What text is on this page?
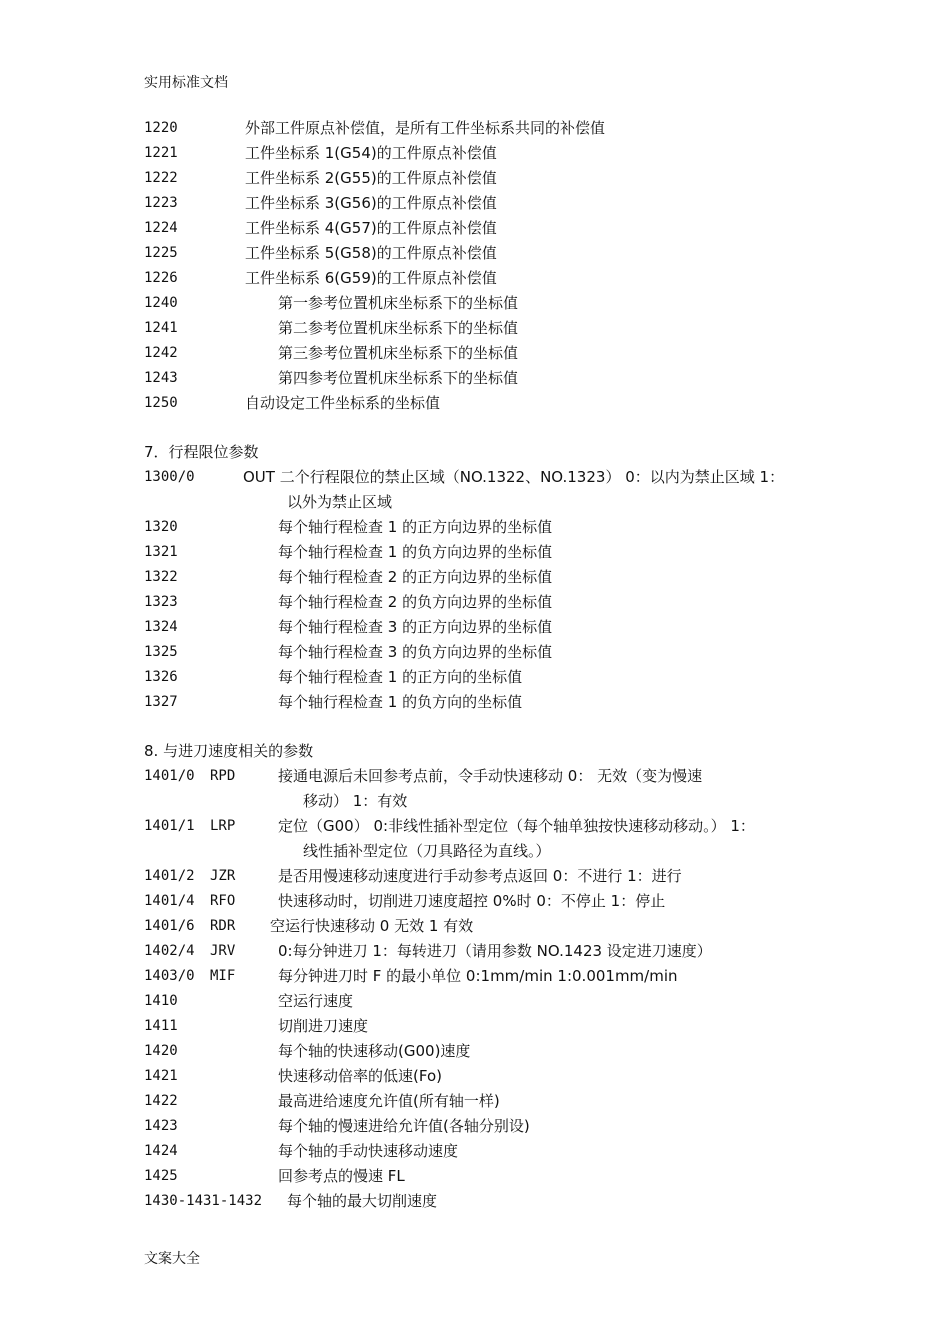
实用标准文档
1220	外部工件原点补偿值，是所有工件坐标系共同的补偿值
1221	工件坐标系 1(G54)的工件原点补偿值
1222	工件坐标系 2(G55)的工件原点补偿值
1223	工件坐标系 3(G56)的工件原点补偿值
1224	工件坐标系 4(G57)的工件原点补偿值
1225	工件坐标系 5(G58)的工件原点补偿值
1226	工件坐标系 6(G59)的工件原点补偿值
1240	第一参考位置机床坐标系下的坐标值
1241	第二参考位置机床坐标系下的坐标值
1242	第三参考位置机床坐标系下的坐标值
1243	第四参考位置机床坐标系下的坐标值
1250	自动设定工件坐标系的坐标值
7．行程限位参数
1300/0	OUT 二个行程限位的禁止区域（NO.1322、NO.1323） 0：以内为禁止区域 1：
以外为禁止区域
1320	每个轴行程检查 1 的正方向边界的坐标值
1321	每个轴行程检查 1 的负方向边界的坐标值
1322	每个轴行程检查 2 的正方向边界的坐标值
1323	每个轴行程检查 2 的负方向边界的坐标值
1324	每个轴行程检查 3 的正方向边界的坐标值
1325	每个轴行程检查 3 的负方向边界的坐标值
1326	每个轴行程检查 1 的正方向的坐标值
1327	每个轴行程检查 1 的负方向的坐标值
8. 与进刀速度相关的参数
1401/0 RPD	接通电源后未回参考点前，令手动快速移动 0： 无效（变为慢速
移动） 1：有效
1401/1 LRP	定位（G00） 0:非线性插补型定位（每个轴单独按快速移动移动。） 1：
线性插补型定位（刀具路径为直线。）
1401/2 JZR	是否用慢速移动速度进行手动参考点返回 0：不进行 1：进行
1401/4 RFO	快速移动时，切削进刀速度超控 0%时 0：不停止 1：停止
1401/6 RDR 空运行快速移动 0 无效 1 有效
1402/4 JRV	0:每分钟进刀 1：每转进刀（请用参数 NO.1423 设定进刀速度）
1403/0 MIF	每分钟进刀时 F 的最小单位 0:1mm/min 1:0.001mm/min
1410	空运行速度
1411	切削进刀速度
1420	每个轴的快速移动(G00)速度
1421	快速移动倍率的低速(Fo)
1422	最高进给速度允许值(所有轴一样)
1423	每个轴的慢速进给允许值(各轴分别设)
1424	每个轴的手动快速移动速度
1425	回参考点的慢速 FL
1430-1431-1432 每个轴的最大切削速度
文案大全
